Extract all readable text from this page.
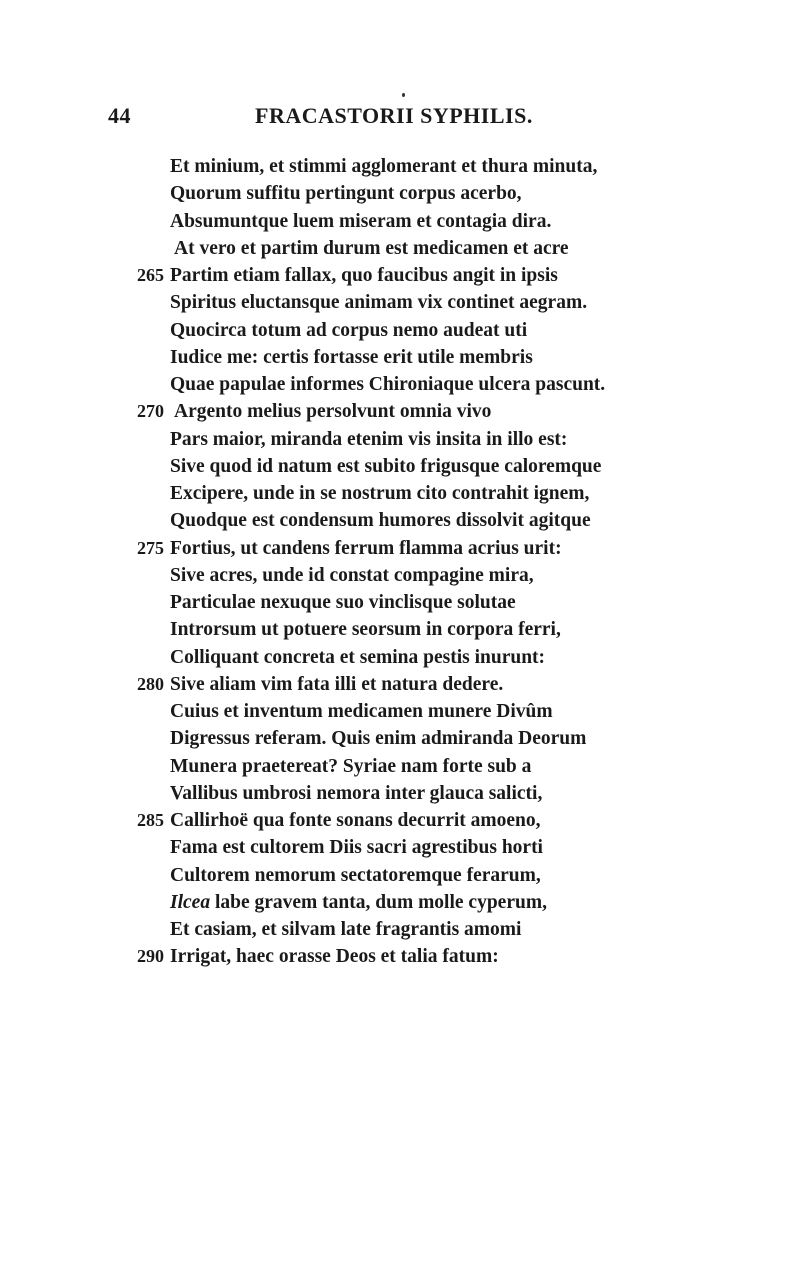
44	FRACASTORII SYPHILIS.
Et minium, et stimmi agglomerant et thura minuta,
Quorum suffitu pertingunt corpus acerbo,
Absumuntque luem miseram et contagia dira.
At vero et partim durum est medicamen et acre
265 Partim etiam fallax, quo faucibus angit in ipsis
Spiritus eluctansque animam vix continet aegram.
Quocirca totum ad corpus nemo audeat uti
Iudice me: certis fortasse erit utile membris
Quae papulae informes Chironiaque ulcera pascunt.
270 Argento melius persolvunt omnia vivo
Pars maior, miranda etenim vis insita in illo est:
Sive quod id natum est subito frigusque caloremque
Excipere, unde in se nostrum cito contrahit ignem,
Quodque est condensum humores dissolvit agitque
275 Fortius, ut candens ferrum flamma acrius urit:
Sive acres, unde id constat compagine mira,
Particulae nexuque suo vinclisque solutae
Introrsum ut potuere seorsum in corpora ferri,
Colliquant concreta et semina pestis inurunt:
280 Sive aliam vim fata illi et natura dedere.
Cuius et inventum medicamen munere Divûm
Digressus referam. Quis enim admiranda Deorum
Munera praetereat? Syriae nam forte sub a
Vallibus umbrosi nemora inter glauca salicti,
285 Callirhoë qua fonte sonans decurrit amoeno,
Fama est cultorem Diis sacri agrestibus horti
Cultorem nemorum sectatoremque ferarum,
Ilcea labe gravem tanta, dum molle cyperum,
Et casiam, et silvam late fragrantis amomi
290 Irrigat, haec orasse Deos et talia fatum:
